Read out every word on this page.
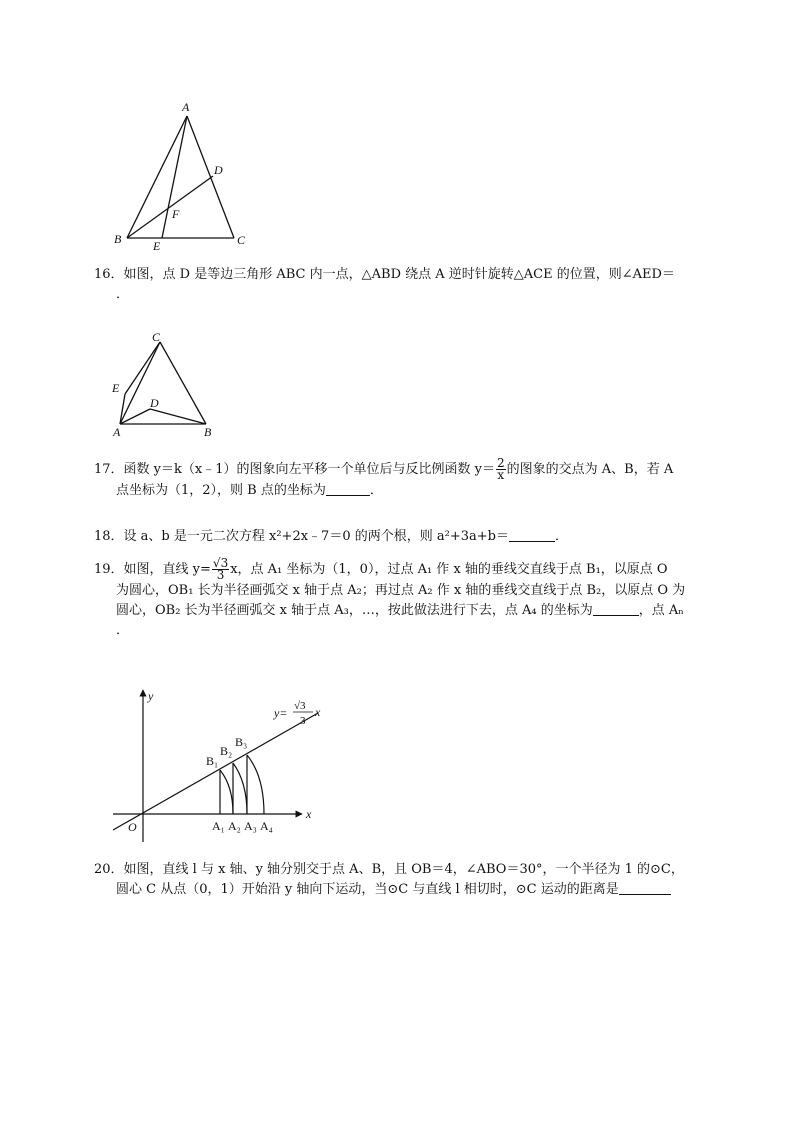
A
D
F
B	E	C
16．如图，点 D 是等边三角形 ABC 内一点，△ABD 绕点 A 逆时针旋转△ACE 的位置，则∠AED＝
．
C
E
D
A	B
17．函数 y＝k（x﹣1）的图象向左平移一个单位后与反比例函数 $y= \frac{2}{x}$ 的图象的交点为 A、B，若 A
点坐标为（1，2），则 B 点的坐标为	．
18．设 a、b 是一元二次方程 x²+2x﹣7＝0 的两个根，则 a²+3a+b＝	．
19．如图，直线 $y= \frac{√3}{3}$ x，点 A₁ 坐标为（1，0），过点 A₁ 作 x 轴的垂线交直线于点 B₁，以原点 O
为圆心，OB₁ 长为半径画弧交 x 轴于点 A₂；再过点 A₂ 作 x 轴的垂线交直线于点 B₂，以原点 O 为
圆心，OB₂ 长为半径画弧交 x 轴于点 A₃，…，按此做法进行下去，点 A₄ 的坐标为	，点 Aₙ
．
x
y
O
y= √3
3
x
B₁
B₂
B₃
A₁ A₂ A₃ A₄
20．如图，直线 l 与 x 轴、y 轴分别交于点 A、B，且 OB＝4，∠ABO＝30°，一个半径为 1 的⊙C，
圆心 C 从点（0，1）开始沿 y 轴向下运动，当⊙C 与直线 l 相切时，⊙C 运动的距离是
